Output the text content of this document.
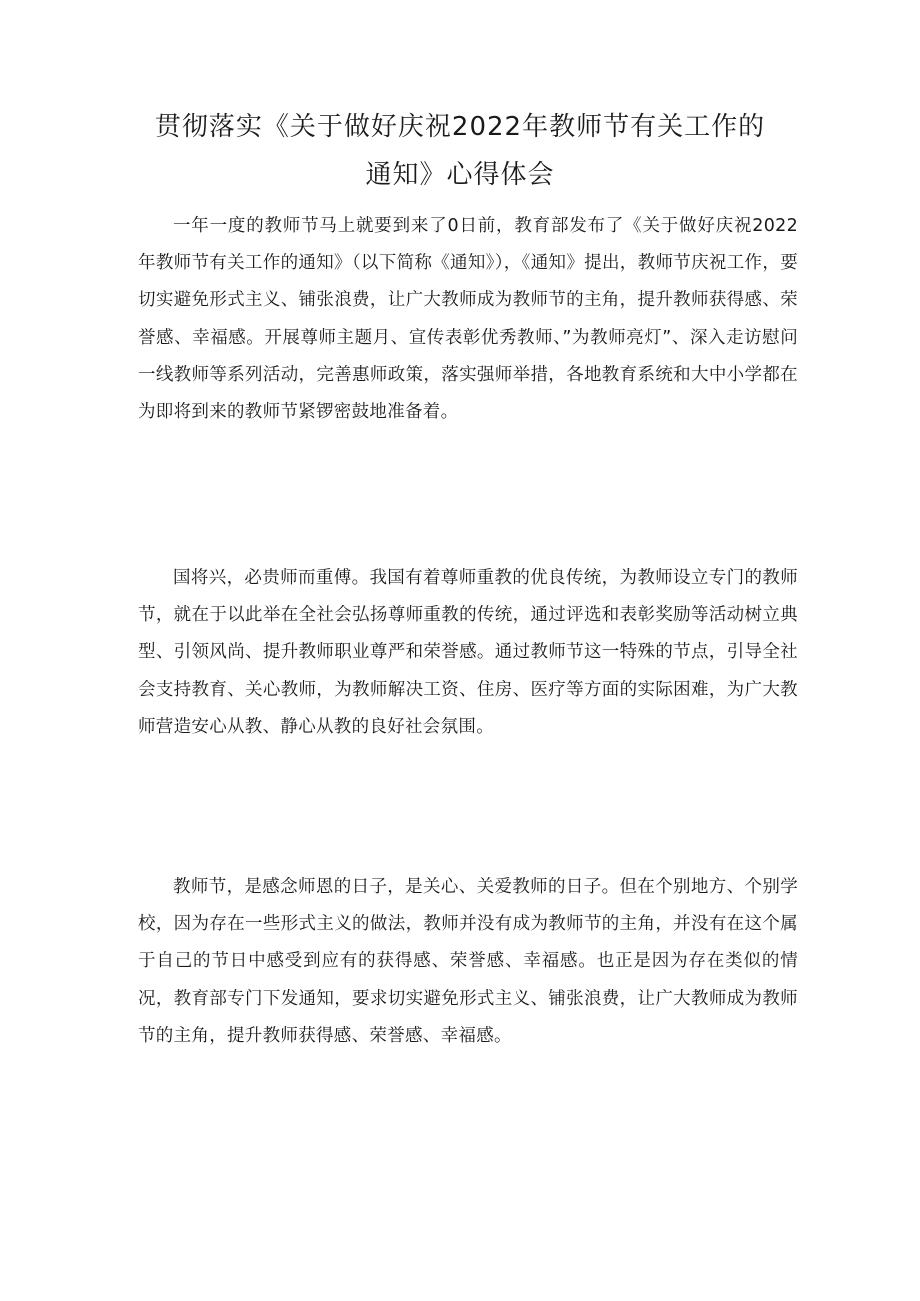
贯彻落实《关于做好庆祝2022年教师节有关工作的
通知》心得体会

一年一度的教师节马上就要到来了0日前，教育部发布了《关于做好庆祝2022年教师节有关工作的通知》（以下简称《通知》），《通知》提出，教师节庆祝工作，要切实避免形式主义、铺张浪费，让广大教师成为教师节的主角，提升教师获得感、荣誉感、幸福感。开展尊师主题月、宣传表彰优秀教师、”为教师亮灯”、深入走访慰问一线教师等系列活动，完善惠师政策，落实强师举措，各地教育系统和大中小学都在为即将到来的教师节紧锣密鼓地准备着。

国将兴，必贵师而重傅。我国有着尊师重教的优良传统，为教师设立专门的教师节，就在于以此举在全社会弘扬尊师重教的传统，通过评选和表彰奖励等活动树立典型、引领风尚、提升教师职业尊严和荣誉感。通过教师节这一特殊的节点，引导全社会支持教育、关心教师，为教师解决工资、住房、医疗等方面的实际困难，为广大教师营造安心从教、静心从教的良好社会氛围。

教师节，是感念师恩的日子，是关心、关爱教师的日子。但在个别地方、个别学校，因为存在一些形式主义的做法，教师并没有成为教师节的主角，并没有在这个属于自己的节日中感受到应有的获得感、荣誉感、幸福感。也正是因为存在类似的情况，教育部专门下发通知，要求切实避免形式主义、铺张浪费，让广大教师成为教师节的主角，提升教师获得感、荣誉感、幸福感。
